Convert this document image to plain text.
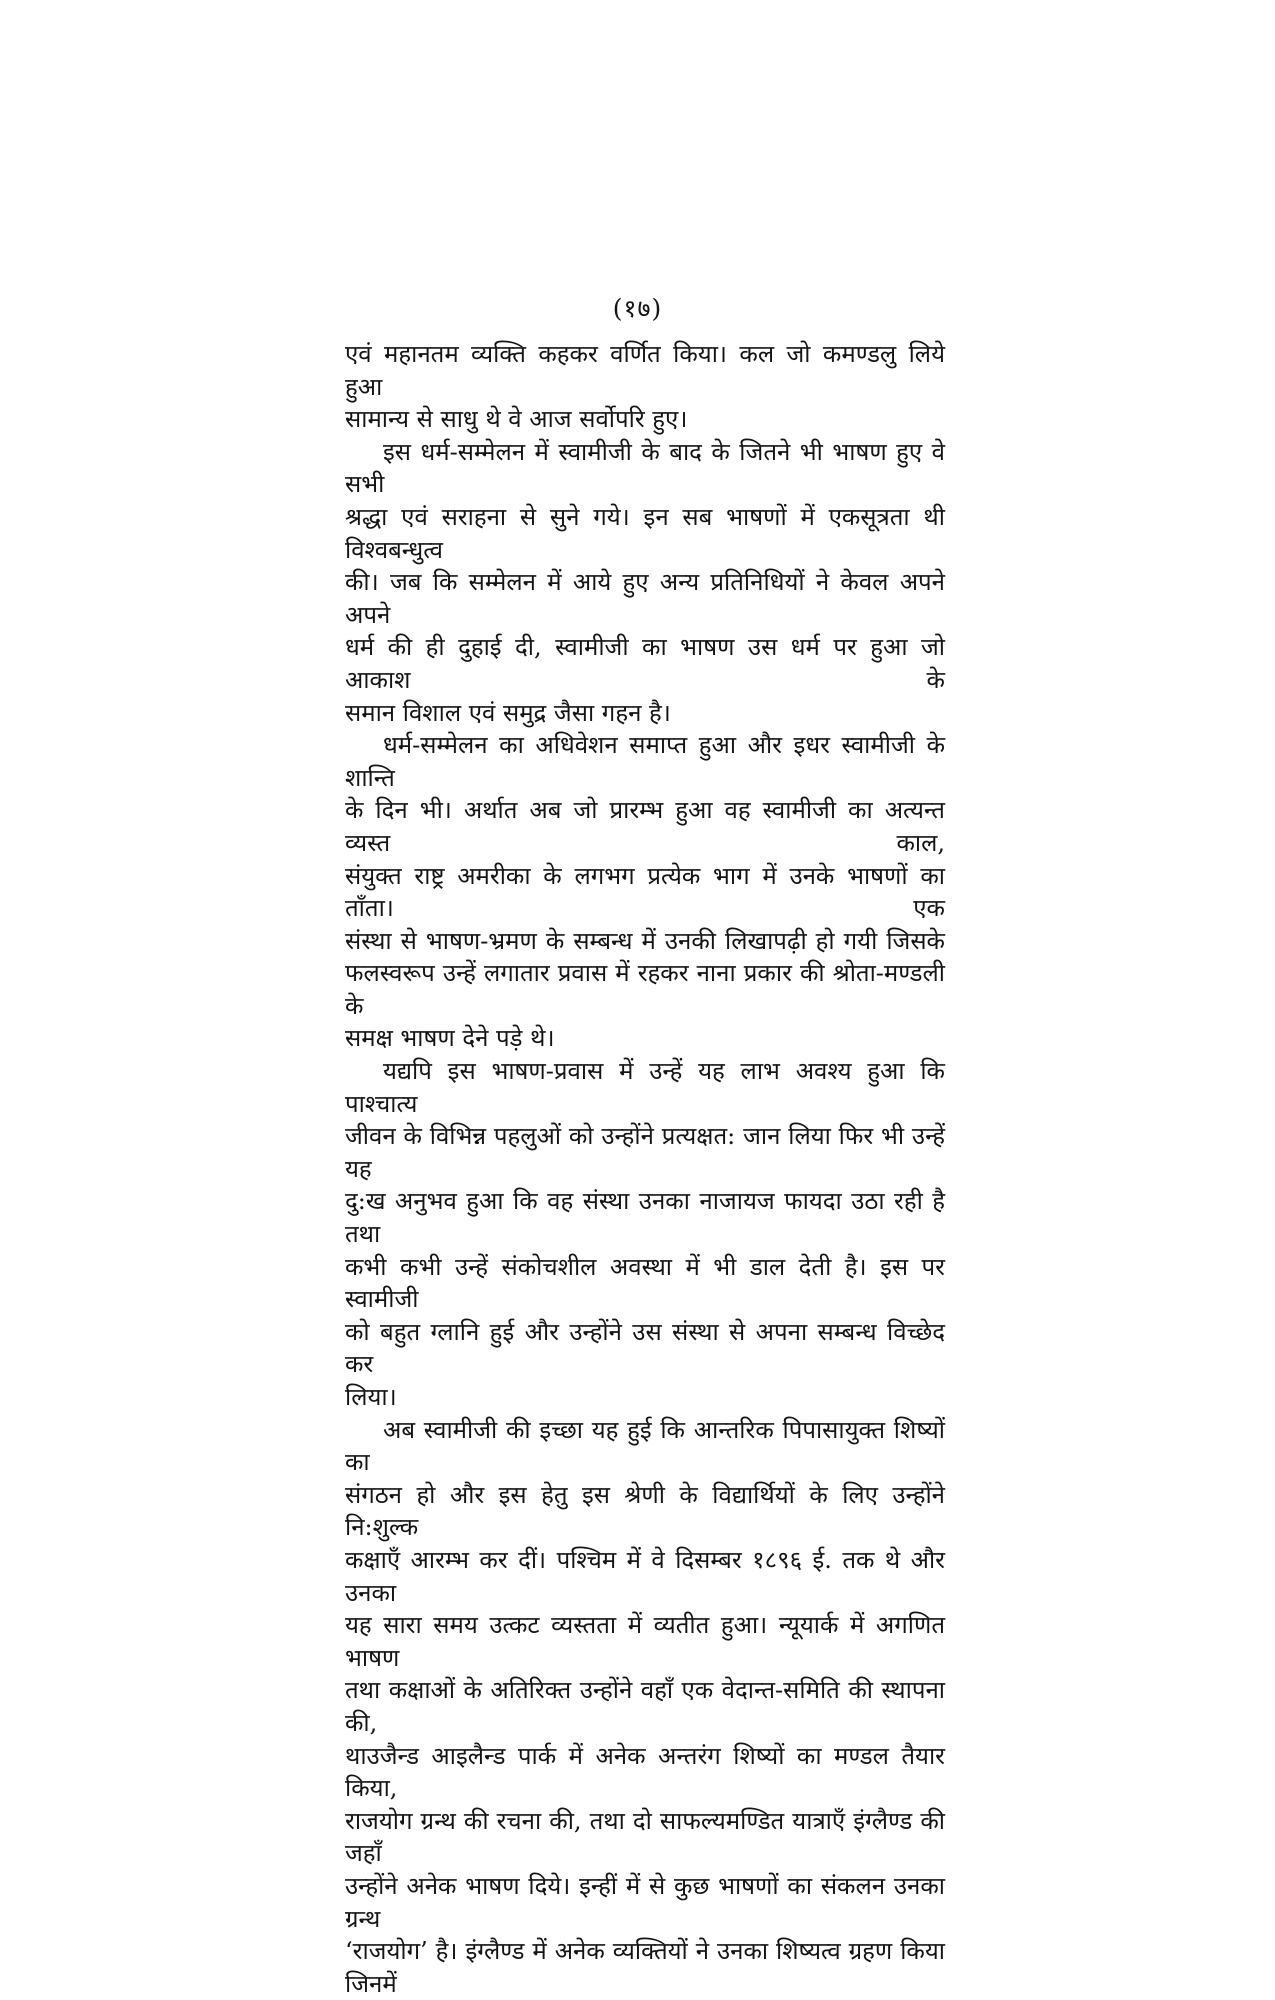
(१७)
एवं महानतम व्यक्ति कहकर वर्णित किया। कल जो कमण्डलु लिये हुआ
सामान्य से साधु थे वे आज सर्वोपरि हुए।
इस धर्म-सम्मेलन में स्वामीजी के बाद के जितने भी भाषण हुए वे सभी
श्रद्धा एवं सराहना से सुने गये। इन सब भाषणों में एकसूत्रता थी विश्वबन्धुत्व
की। जब कि सम्मेलन में आये हुए अन्य प्रतिनिधियों ने केवल अपने अपने
धर्म की ही दुहाई दी, स्वामीजी का भाषण उस धर्म पर हुआ जो आकाश के
समान विशाल एवं समुद्र जैसा गहन है।
धर्म-सम्मेलन का अधिवेशन समाप्त हुआ और इधर स्वामीजी के शान्ति
के दिन भी। अर्थात अब जो प्रारम्भ हुआ वह स्वामीजी का अत्यन्त व्यस्त काल,
संयुक्त राष्ट्र अमरीका के लगभग प्रत्येक भाग में उनके भाषणों का ताँता। एक
संस्था से भाषण-भ्रमण के सम्बन्ध में उनकी लिखापढ़ी हो गयी जिसके
फलस्वरूप उन्हें लगातार प्रवास में रहकर नाना प्रकार की श्रोता-मण्डली के
समक्ष भाषण देने पड़े थे।
यद्यपि इस भाषण-प्रवास में उन्हें यह लाभ अवश्य हुआ कि पाश्चात्य
जीवन के विभिन्न पहलुओं को उन्होंने प्रत्यक्षत: जान लिया फिर भी उन्हें यह
दु:ख अनुभव हुआ कि वह संस्था उनका नाजायज फायदा उठा रही है तथा
कभी कभी उन्हें संकोचशील अवस्था में भी डाल देती है। इस पर स्वामीजी
को बहुत ग्लानि हुई और उन्होंने उस संस्था से अपना सम्बन्ध विच्छेद कर
लिया।
अब स्वामीजी की इच्छा यह हुई कि आन्तरिक पिपासायुक्त शिष्यों का
संगठन हो और इस हेतु इस श्रेणी के विद्यार्थियों के लिए उन्होंने नि:शुल्क
कक्षाएँ आरम्भ कर दीं। पश्चिम में वे दिसम्बर १८९६ ई. तक थे और उनका
यह सारा समय उत्कट व्यस्तता में व्यतीत हुआ। न्यूयार्क में अगणित भाषण
तथा कक्षाओं के अतिरिक्त उन्होंने वहाँ एक वेदान्त-समिति की स्थापना की,
थाउजैन्ड आइलैन्ड पार्क में अनेक अन्तरंग शिष्यों का मण्डल तैयार किया,
राजयोग ग्रन्थ की रचना की, तथा दो साफल्यमण्डित यात्राएँ इंग्लैण्ड की जहाँ
उन्होंने अनेक भाषण दिये। इन्हीं में से कुछ भाषणों का संकलन उनका ग्रन्थ
‘राजयोग’ है। इंग्लैण्ड में अनेक व्यक्तियों ने उनका शिष्यत्व ग्रहण किया जिनमें
